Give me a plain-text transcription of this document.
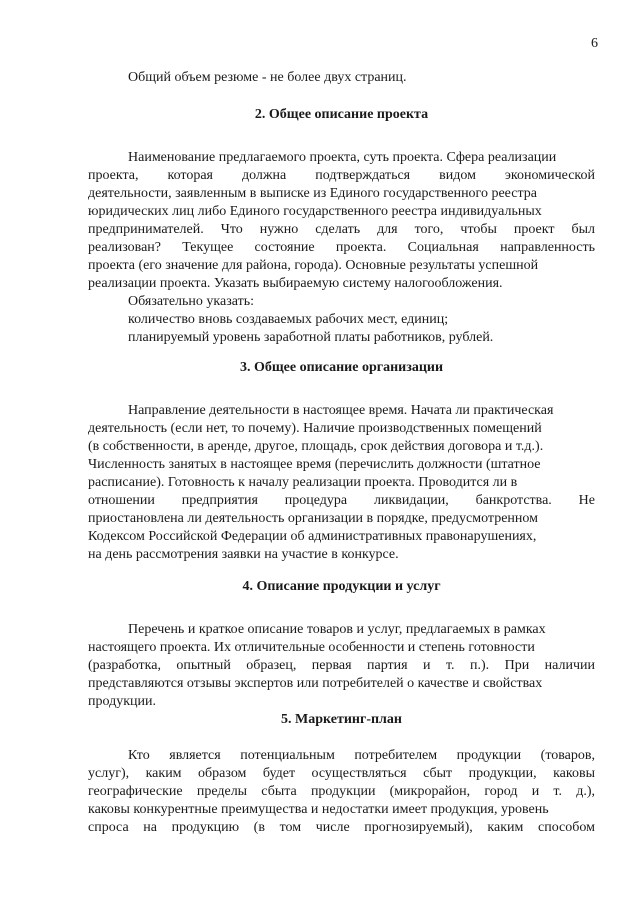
6
Общий объем резюме - не более двух страниц.
2. Общее описание проекта
Наименование предлагаемого проекта, суть проекта. Сфера реализации
проекта, которая должна подтверждаться видом экономической
деятельности, заявленным в выписке из Единого государственного реестра
юридических лиц либо Единого государственного реестра индивидуальных
предпринимателей. Что нужно сделать для того, чтобы проект был
реализован? Текущее состояние проекта. Социальная направленность
проекта (его значение для района, города). Основные результаты успешной
реализации проекта. Указать выбираемую систему налогообложения.
Обязательно указать:
количество вновь создаваемых рабочих мест, единиц;
планируемый уровень заработной платы работников, рублей.
3. Общее описание организации
Направление деятельности в настоящее время. Начата ли практическая
деятельность (если нет, то почему). Наличие производственных помещений
(в собственности, в аренде, другое, площадь, срок действия договора и т.д.).
Численность занятых в настоящее время (перечислить должности (штатное
расписание). Готовность к началу реализации проекта. Проводится ли в
отношении предприятия процедура ликвидации, банкротства. Не
приостановлена ли деятельность организации в порядке, предусмотренном
Кодексом Российской Федерации об административных правонарушениях,
на день рассмотрения заявки на участие в конкурсе.
4. Описание продукции и услуг
Перечень и краткое описание товаров и услуг, предлагаемых в рамках
настоящего проекта. Их отличительные особенности и степень готовности
(разработка, опытный образец, первая партия и т. п.). При наличии
представляются отзывы экспертов или потребителей о качестве и свойствах
продукции.
5. Маркетинг-план
Кто является потенциальным потребителем продукции (товаров,
услуг), каким образом будет осуществляться сбыт продукции, каковы
географические пределы сбыта продукции (микрорайон, город и т. д.),
каковы конкурентные преимущества и недостатки имеет продукция, уровень
спроса на продукцию (в том числе прогнозируемый), каким способом
